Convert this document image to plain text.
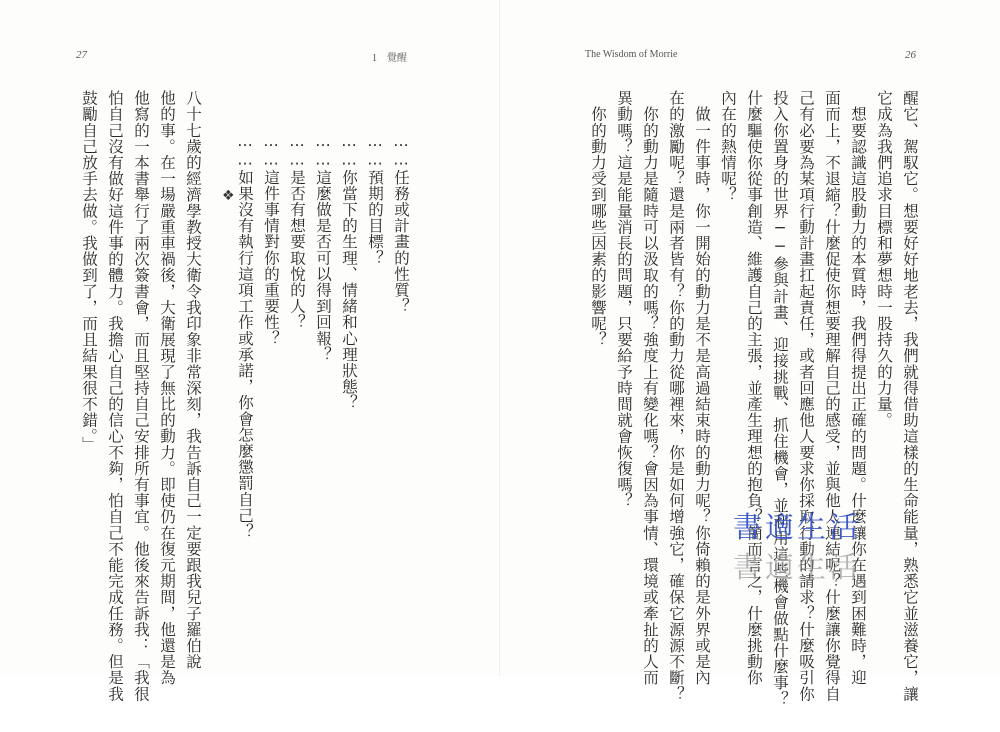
27	1　覺醒
❖	……任務或計畫的性質？
……預期的目標？
……你當下的生理、情緒和心理狀態？
……這麼做是否可以得到回報？
……是否有想要取悅的人？
……這件事情對你的重要性？
……如果沒有執行這項工作或承諾，你會怎麼懲罰自己？
八十七歲的經濟學教授大衛令我印象非常深刻，我告訴自己一定要跟我兒子羅伯說
他的事。在一場嚴重車禍後，大衛展現了無比的動力。即使仍在復元期間，他還是為
他寫的一本書舉行了兩次簽書會，而且堅持自己安排所有事宜。他後來告訴我：「我很
怕自己沒有做好這件事的體力。我擔心自己的信心不夠，怕自己不能完成任務。但是我
鼓勵自己放手去做。我做到了，而且結果很不錯。」
The Wisdom of Morrie	26
醒它、駕馭它。想要好好地老去，我們就得借助這樣的生命能量，熟悉它並滋養它，讓
它成為我們追求目標和夢想時一股持久的力量。
　想要認識這股動力的本質時，我們得提出正確的問題。什麼讓你在遇到困難時，迎
面而上，不退縮？什麼促使你想要理解自己的感受，並與他人連結呢？什麼讓你覺得自
己有必要為某項行動計畫扛起責任，或者回應他人要求你採取行動的請求？什麼吸引你
投入你置身的世界──參與計畫、迎接挑戰、抓住機會，並利用這些機會做點什麼事？
什麼驅使你從事創造、維護自己的主張，並產生理想的抱負？簡而言之，什麼挑動你
內在的熱情呢？
　做一件事時，你一開始的動力是不是高過結束時的動力呢？你倚賴的是外界或是內
在的激勵呢？還是兩者皆有？你的動力從哪裡來，你是如何增強它，確保它源源不斷？
　你的動力是隨時可以汲取的嗎？強度上有變化嗎？會因為事情、環境或牽扯的人而
異動嗎？這是能量消長的問題，只要給予時間就會恢復嗎？
　你的動力受到哪些因素的影響呢？
書適生活
書適生活
